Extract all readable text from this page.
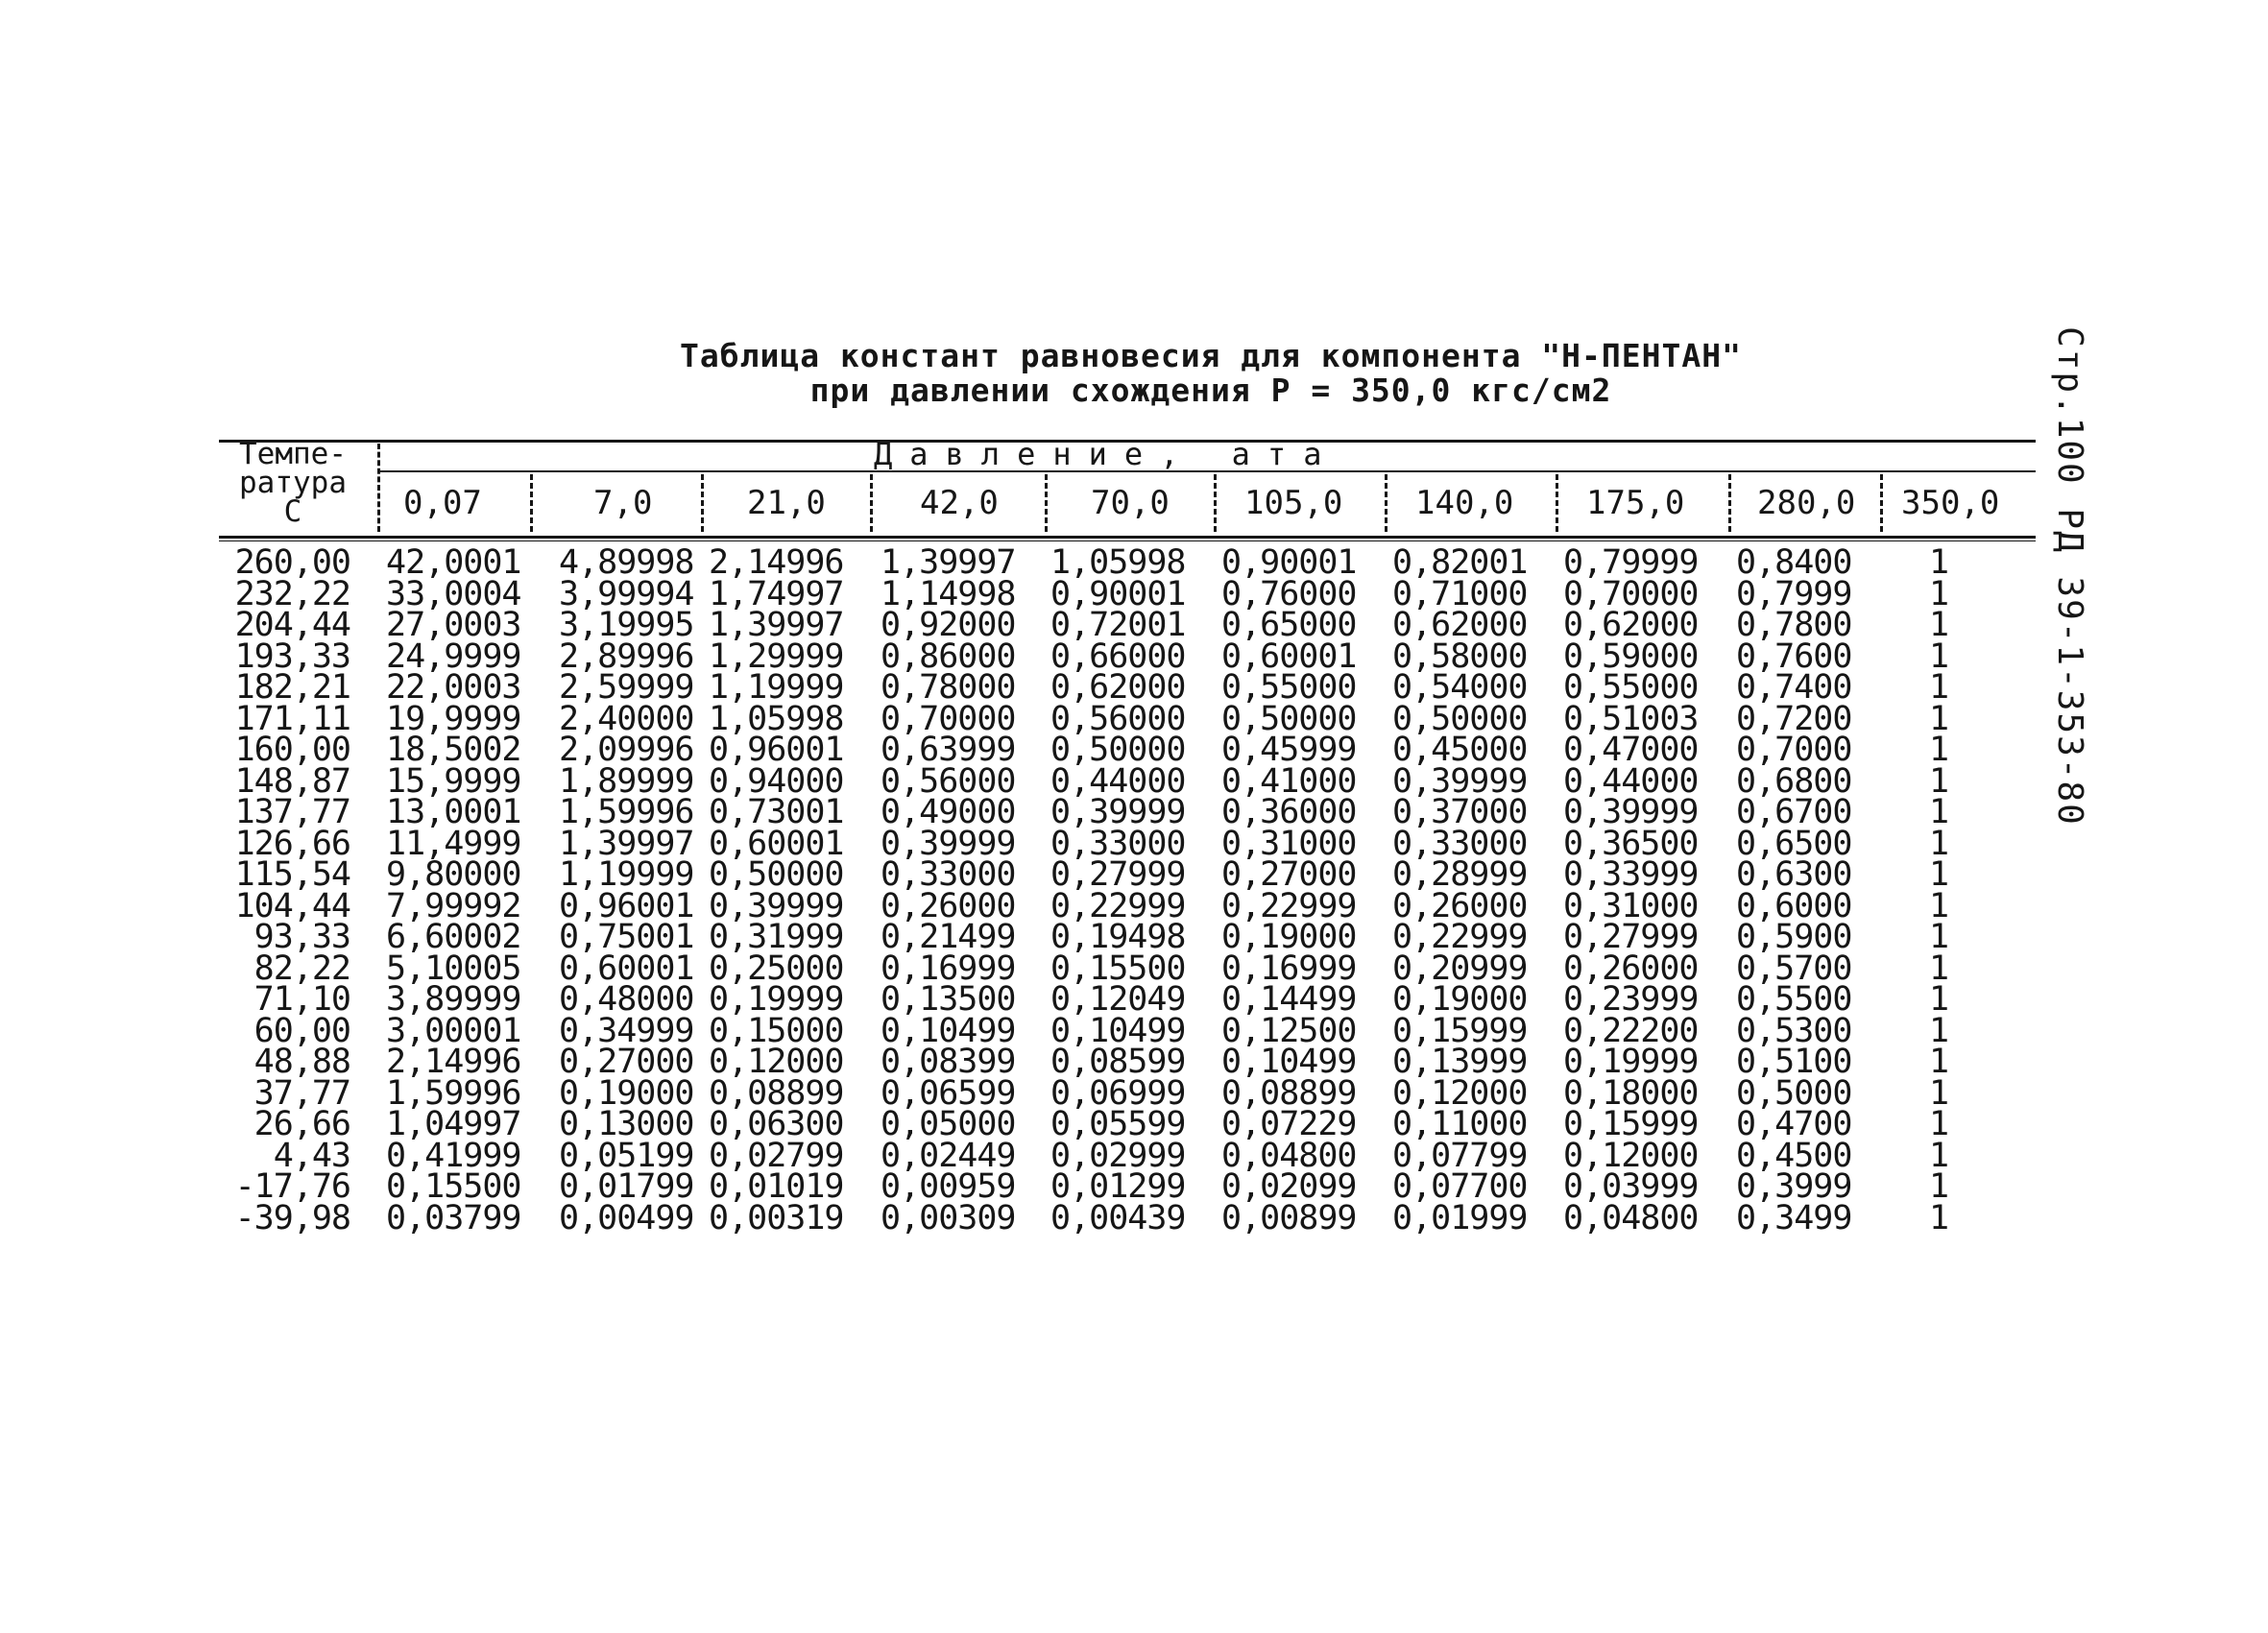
Таблица констант равновесия для компонента "Н-ПЕНТАН"
при давлении схождения Р = 350,0 кгс/см2	Стр.100 РД 39-1-353-80
Темпе-
ратура
С
Давление, ата
0,07	7,0	21,0	42,0	70,0 105,0 140,0 175,0 280,0 350,0
260,00 42,0001 4,89998 2,14996 1,39997 1,05998 0,90001 0,82001 0,79999 0,8400 1
232,22 33,0004 3,99994 1,74997 1,14998 0,90001 0,76000 0,71000 0,70000 0,7999 1
204,44 27,0003 3,19995 1,39997 0,92000 0,72001 0,65000 0,62000 0,62000 0,7800 1
193,33 24,9999 2,89996 1,29999 0,86000 0,66000 0,60001 0,58000 0,59000 0,7600 1
182,21 22,0003 2,59999 1,19999 0,78000 0,62000 0,55000 0,54000 0,55000 0,7400 1
171,11 19,9999 2,40000 1,05998 0,70000 0,56000 0,50000 0,50000 0,51003 0,7200 1
160,00 18,5002 2,09996 0,96001 0,63999 0,50000 0,45999 0,45000 0,47000 0,7000 1
148,87 15,9999 1,89999 0,94000 0,56000 0,44000 0,41000 0,39999 0,44000 0,6800 1
137,77 13,0001 1,59996 0,73001 0,49000 0,39999 0,36000 0,37000 0,39999 0,6700 1
126,66 11,4999 1,39997 0,60001 0,39999 0,33000 0,31000 0,33000 0,36500 0,6500 1
115,54 9,80000 1,19999 0,50000 0,33000 0,27999 0,27000 0,28999 0,33999 0,6300 1
104,44 7,99992 0,96001 0,39999 0,26000 0,22999 0,22999 0,26000 0,31000 0,6000 1
93,33 6,60002 0,75001 0,31999 0,21499 0,19498 0,19000 0,22999 0,27999 0,5900 1
82,22 5,10005 0,60001 0,25000 0,16999 0,15500 0,16999 0,20999 0,26000 0,5700 1
71,10 3,89999 0,48000 0,19999 0,13500 0,12049 0,14499 0,19000 0,23999 0,5500 1
60,00 3,00001 0,34999 0,15000 0,10499 0,10499 0,12500 0,15999 0,22200 0,5300 1
48,88 2,14996 0,27000 0,12000 0,08399 0,08599 0,10499 0,13999 0,19999 0,5100 1
37,77 1,59996 0,19000 0,08899 0,06599 0,06999 0,08899 0,12000 0,18000 0,5000 1
26,66 1,04997 0,13000 0,06300 0,05000 0,05599 0,07229 0,11000 0,15999 0,4700 1
4,43 0,41999 0,05199 0,02799 0,02449 0,02999 0,04800 0,07799 0,12000 0,4500 1
-17,76 0,15500 0,01799 0,01019 0,00959 0,01299 0,02099 0,07700 0,03999 0,3999 1
-39,98 0,03799 0,00499 0,00319 0,00309 0,00439 0,00899 0,01999 0,04800 0,3499 1
